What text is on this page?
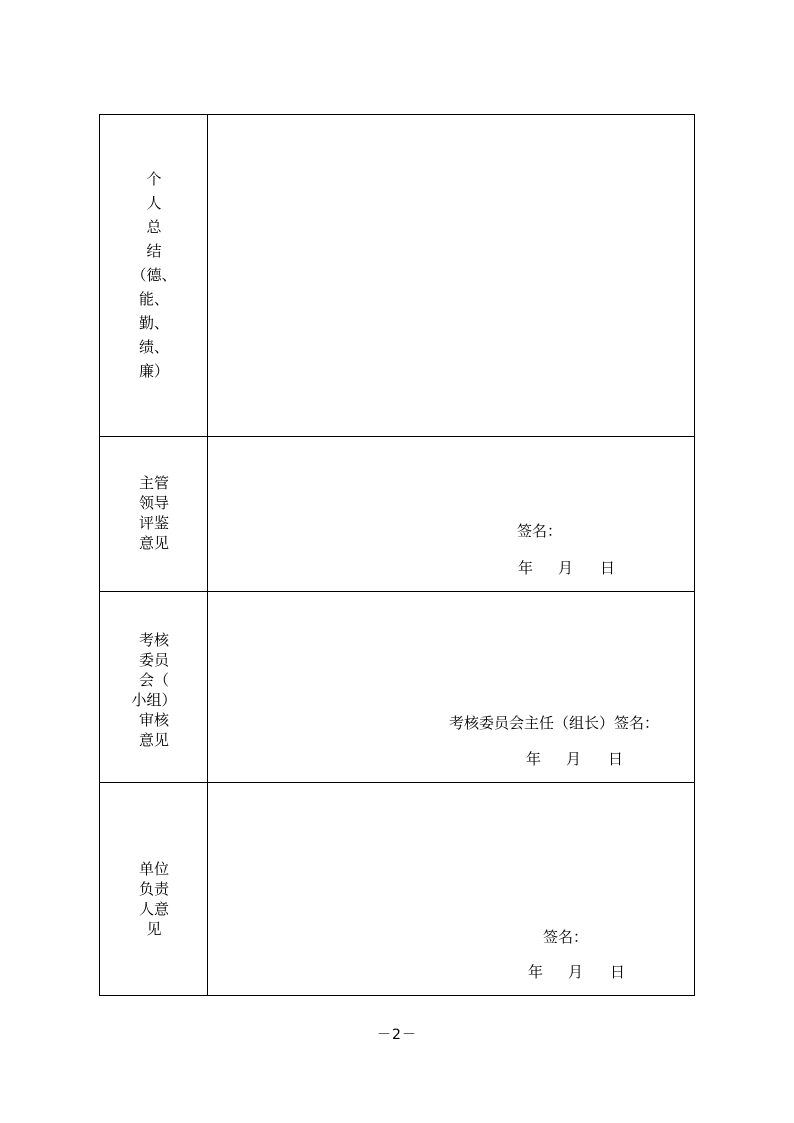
个
人
总
结
（德、
能、
勤、
绩、
廉）
主管
领导
评鉴
意见
签名：
年 月 日
考核
委员
会（
小组）
审核
意见
考核委员会主任（组长）签名：
年 月 日
单位
负责
人意
见	签名：
年 月 日
－2－
